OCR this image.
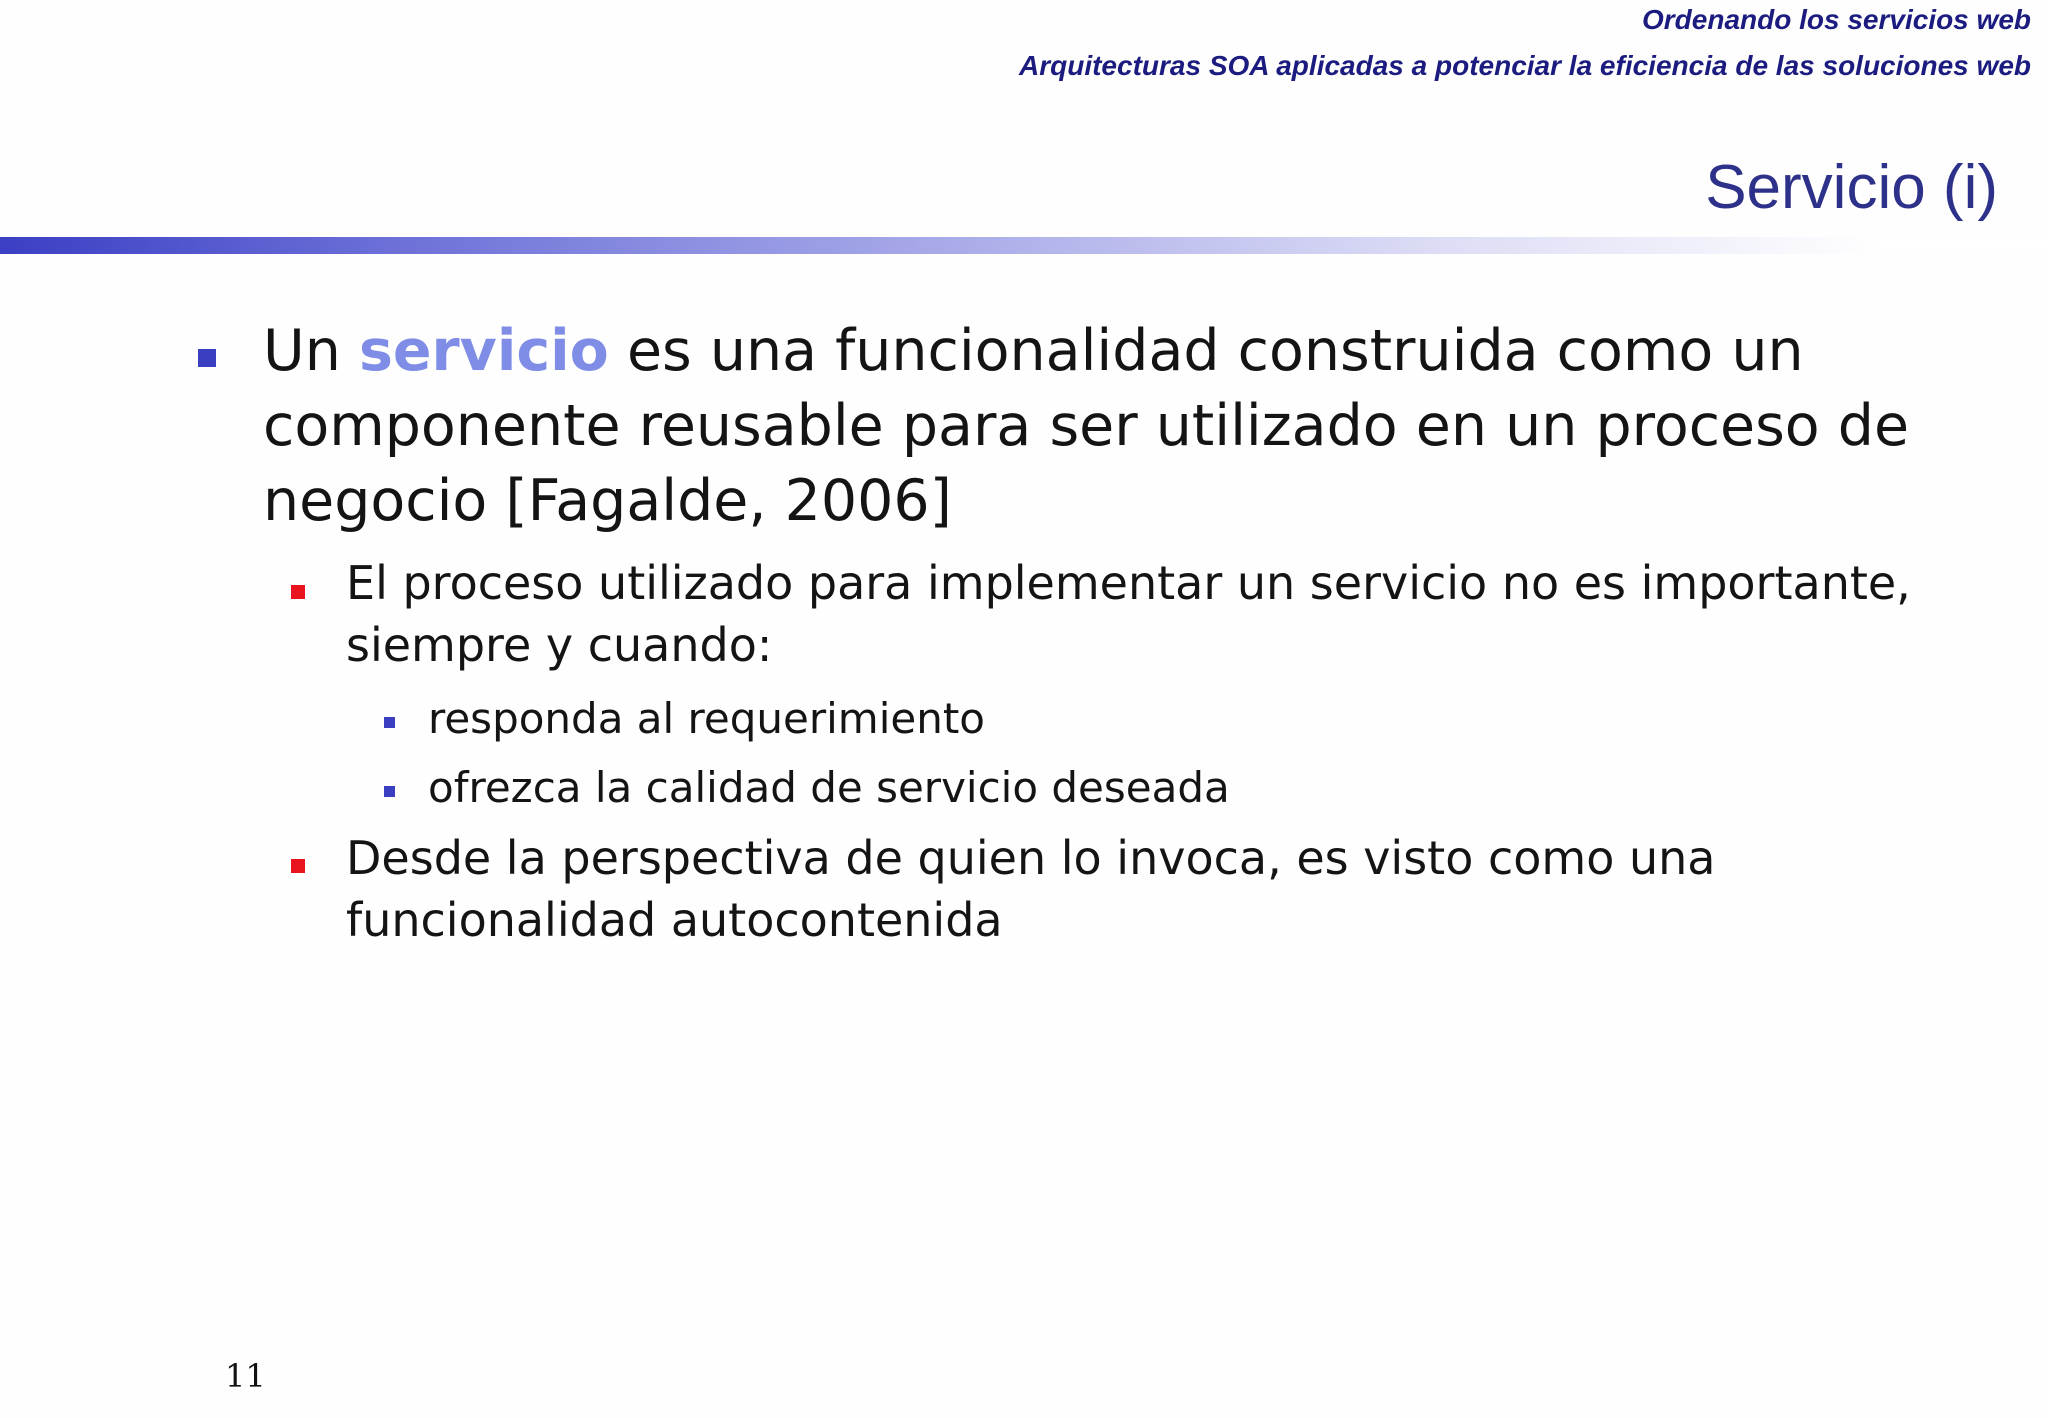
Ordenando los servicios web
Arquitecturas SOA aplicadas a potenciar la eficiencia de las soluciones web
Servicio (i)
Un servicio es una funcionalidad construida como un
componente reusable para ser utilizado en un proceso de
negocio [Fagalde, 2006]
El proceso utilizado para implementar un servicio no es importante,
siempre y cuando:
responda al requerimiento
ofrezca la calidad de servicio deseada
Desde la perspectiva de quien lo invoca, es visto como una
funcionalidad autocontenida
11
